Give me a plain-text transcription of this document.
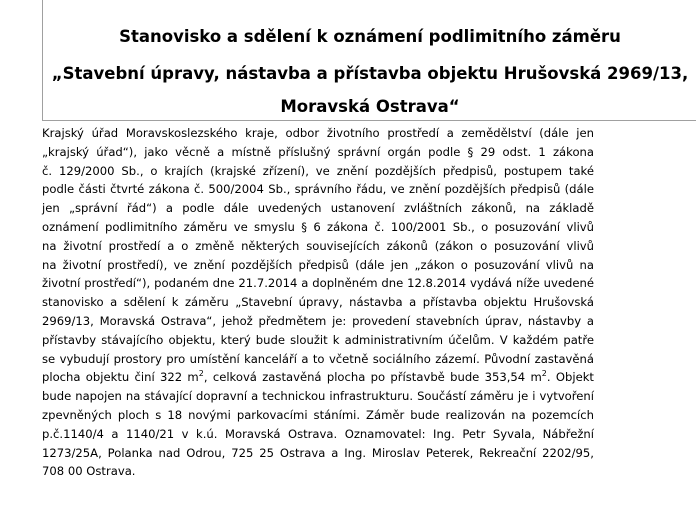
Stanovisko a sdělení k oznámení podlimitního záměru
„Stavební úpravy, nástavba a přístavba objektu Hrušovská 2969/13,
Moravská Ostrava“
Krajský úřad Moravskoslezského kraje, odbor životního prostředí a zemědělství (dále jen
„krajský úřad“), jako věcně a místně příslušný správní orgán podle § 29 odst. 1 zákona
č. 129/2000 Sb., o krajích (krajské zřízení), ve znění pozdějších předpisů, postupem také
podle části čtvrté zákona č. 500/2004 Sb., správního řádu, ve znění pozdějších předpisů (dále
jen „správní řád“) a podle dále uvedených ustanovení zvláštních zákonů, na základě
oznámení podlimitního záměru ve smyslu § 6 zákona č. 100/2001 Sb., o posuzování vlivů
na životní prostředí a o změně některých souvisejících zákonů (zákon o posuzování vlivů
na životní prostředí), ve znění pozdějších předpisů (dále jen „zákon o posuzování vlivů na
životní prostředí“), podaném dne 21.7.2014 a doplněném dne 12.8.2014 vydává níže uvedené
stanovisko a sdělení k záměru „Stavební úpravy, nástavba a přístavba objektu Hrušovská
2969/13, Moravská Ostrava“, jehož předmětem je: provedení stavebních úprav, nástavby a
přístavby stávajícího objektu, který bude sloužit k administrativním účelům. V každém patře
se vybudují prostory pro umístění kanceláří a to včetně sociálního zázemí. Původní zastavěná
plocha objektu činí 322 $m^2$, celková zastavěná plocha po přístavbě bude 353,54 $m^2$. Objekt
bude napojen na stávající dopravní a technickou infrastrukturu. Součástí záměru je i vytvoření
zpevněných ploch s 18 novými parkovacími stáními. Záměr bude realizován na pozemcích
p.č.1140/4 a 1140/21 v k.ú. Moravská Ostrava. Oznamovatel: Ing. Petr Syvala, Nábřežní
1273/25A, Polanka nad Odrou, 725 25 Ostrava a Ing. Miroslav Peterek, Rekreační 2202/95,
708 00 Ostrava.
